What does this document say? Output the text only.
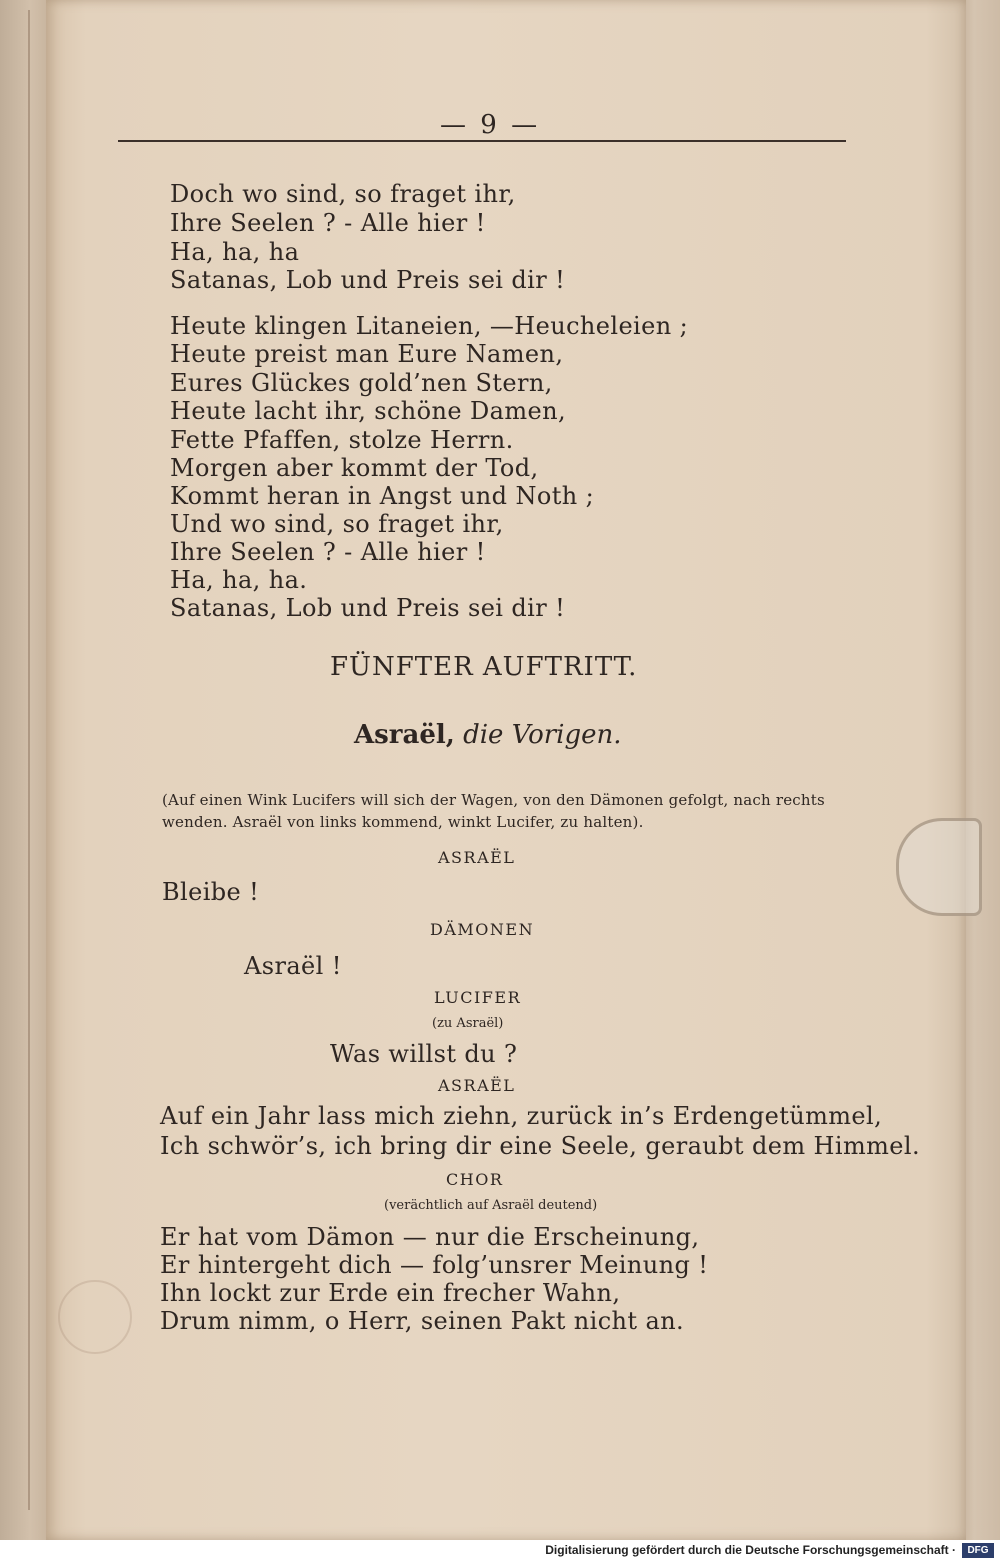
— 9 —
Doch wo sind, so fraget ihr,
Ihre Seelen ? - Alle hier !
Ha, ha, ha
Satanas, Lob und Preis sei dir !
Heute klingen Litaneien, —Heucheleien ;
Heute preist man Eure Namen,
Eures Glückes gold’nen Stern,
Heute lacht ihr, schöne Damen,
Fette Pfaffen, stolze Herrn.
Morgen aber kommt der Tod,
Kommt heran in Angst und Noth ;
Und wo sind, so fraget ihr,
Ihre Seelen ? - Alle hier !
Ha, ha, ha.
Satanas, Lob und Preis sei dir !
FÜNFTER AUFTRITT.
Asraël, die Vorigen.
(Auf einen Wink Lucifers will sich der Wagen, von den Dämonen gefolgt, nach rechts
wenden. Asraël von links kommend, winkt Lucifer, zu halten).
ASRAËL
Bleibe !
DÄMONEN
Asraël !
LUCIFER
(zu Asraël)
Was willst du ?
ASRAËL
Auf ein Jahr lass mich ziehn, zurück in’s Erdengetümmel,
Ich schwör’s, ich bring dir eine Seele, geraubt dem Himmel.
CHOR
(verächtlich auf Asraël deutend)
Er hat vom Dämon — nur die Erscheinung,
Er hintergeht dich — folg’unsrer Meinung !
Ihn lockt zur Erde ein frecher Wahn,
Drum nimm, o Herr, seinen Pakt nicht an.
Digitalisierung gefördert durch die Deutsche Forschungsgemeinschaft ·	DFG
